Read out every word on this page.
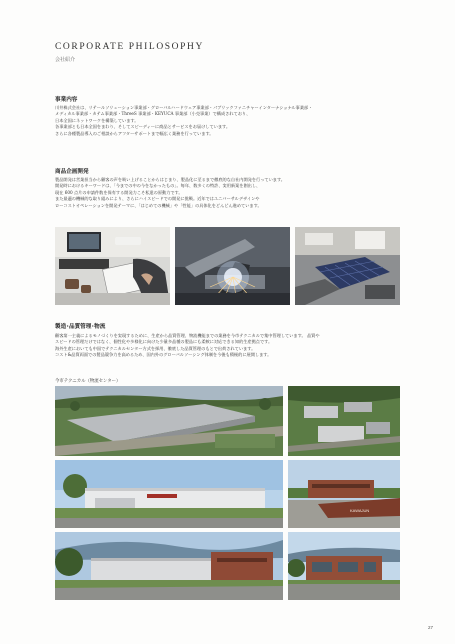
CORPORATE PHILOSOPHY
会社紹介
事業内容
川井株式会社は、リテールソリューション事業部・グローバルハードウェア事業部・パブリックファニチャーインターナショナル事業部・
メディカル事業部・カテム事業部・ThreeS 事業部・KEYUCA 事業部（小売事業）で構成されており、
日本全国にネットワークを構築しています。
各事業部とも日本全国をまわり、そしてスピーディーに商品とサービスをお届けしています。
さらに各種製品導入のご相談からアフターサポートまで幅広く業務を行っています。
商品企画開発
製品開発は営業担当から顧客の声を吸い上げることからはじまり、製品化に至るまで徹底的な自社内開発を行っています。
開発時におけるキーワードは、「今までの中の今をなかったもの」。毎年、数多くの特許、実用新案を創出し、
現在 600 点片の申請件数を保有する開発力こそ私達の原動力です。
また最適の機械的な取り組みにより、さらにハイスピードでの開発に挑戦。近年ではユニバーサルデザインや
ローコストオペレーションを開発テーマに、「はじめての機械」や「性能」の具体化をどんどん進めています。
製造･品質管理･物流
顧客第一主義によるモノづくりを実現するために、生産から品質管理、物流機能までの業務を今市テクニカルで集中管理しています。 品質や
スピードの管理だけではなく、個性化や多様化に向けた少量多品種の製品にも柔軟に対応できる知的生産拠点です。
海外生産においても中国でテクニカルセンター方式を採用、徹底した品質管理のもとで出荷されています。
コスト&品質両面での製品競争力を高めるため、国内外のグローバルソーシング体制を今後も積極的に展開します。
今市テクニカル（物流センター）
KAWAJUN
27
